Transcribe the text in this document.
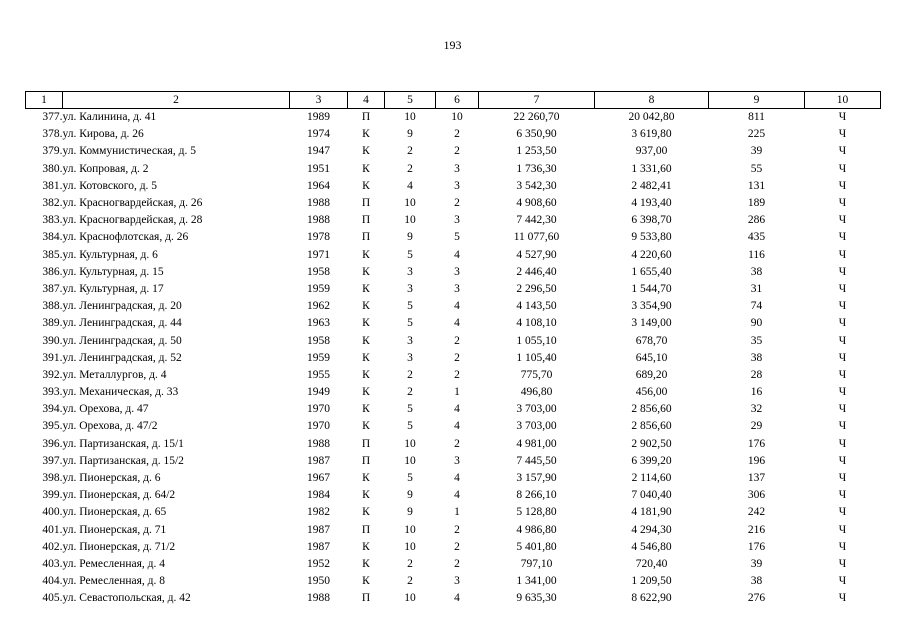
193
1	2	3	4	5	6	7	8	9	10
377.	ул. Калинина, д. 41	1989	П	10	10	22 260,70	20 042,80	811	Ч
378.	ул. Кирова, д. 26	1974	К	9	2	6 350,90	3 619,80	225	Ч
379.	ул. Коммунистическая, д. 5	1947	К	2	2	1 253,50	937,00	39	Ч
380.	ул. Копровая, д. 2	1951	К	2	3	1 736,30	1 331,60	55	Ч
381.	ул. Котовского, д. 5	1964	К	4	3	3 542,30	2 482,41	131	Ч
382.	ул. Красногвардейская, д. 26	1988	П	10	2	4 908,60	4 193,40	189	Ч
383.	ул. Красногвардейская, д. 28	1988	П	10	3	7 442,30	6 398,70	286	Ч
384.	ул. Краснофлотская, д. 26	1978	П	9	5	11 077,60	9 533,80	435	Ч
385.	ул. Культурная, д. 6	1971	К	5	4	4 527,90	4 220,60	116	Ч
386.	ул. Культурная, д. 15	1958	К	3	3	2 446,40	1 655,40	38	Ч
387.	ул. Культурная, д. 17	1959	К	3	3	2 296,50	1 544,70	31	Ч
388.	ул. Ленинградская, д. 20	1962	К	5	4	4 143,50	3 354,90	74	Ч
389.	ул. Ленинградская, д. 44	1963	К	5	4	4 108,10	3 149,00	90	Ч
390.	ул. Ленинградская, д. 50	1958	К	3	2	1 055,10	678,70	35	Ч
391.	ул. Ленинградская, д. 52	1959	К	3	2	1 105,40	645,10	38	Ч
392.	ул. Металлургов, д. 4	1955	К	2	2	775,70	689,20	28	Ч
393.	ул. Механическая, д. 33	1949	К	2	1	496,80	456,00	16	Ч
394.	ул. Орехова, д. 47	1970	К	5	4	3 703,00	2 856,60	32	Ч
395.	ул. Орехова, д. 47/2	1970	К	5	4	3 703,00	2 856,60	29	Ч
396.	ул. Партизанская, д. 15/1	1988	П	10	2	4 981,00	2 902,50	176	Ч
397.	ул. Партизанская, д. 15/2	1987	П	10	3	7 445,50	6 399,20	196	Ч
398.	ул. Пионерская, д. 6	1967	К	5	4	3 157,90	2 114,60	137	Ч
399.	ул. Пионерская, д. 64/2	1984	К	9	4	8 266,10	7 040,40	306	Ч
400.	ул. Пионерская, д. 65	1982	К	9	1	5 128,80	4 181,90	242	Ч
401.	ул. Пионерская, д. 71	1987	П	10	2	4 986,80	4 294,30	216	Ч
402.	ул. Пионерская, д. 71/2	1987	К	10	2	5 401,80	4 546,80	176	Ч
403.	ул. Ремесленная, д. 4	1952	К	2	2	797,10	720,40	39	Ч
404.	ул. Ремесленная, д. 8	1950	К	2	3	1 341,00	1 209,50	38	Ч
405.	ул. Севастопольская, д. 42	1988	П	10	4	9 635,30	8 622,90	276	Ч
